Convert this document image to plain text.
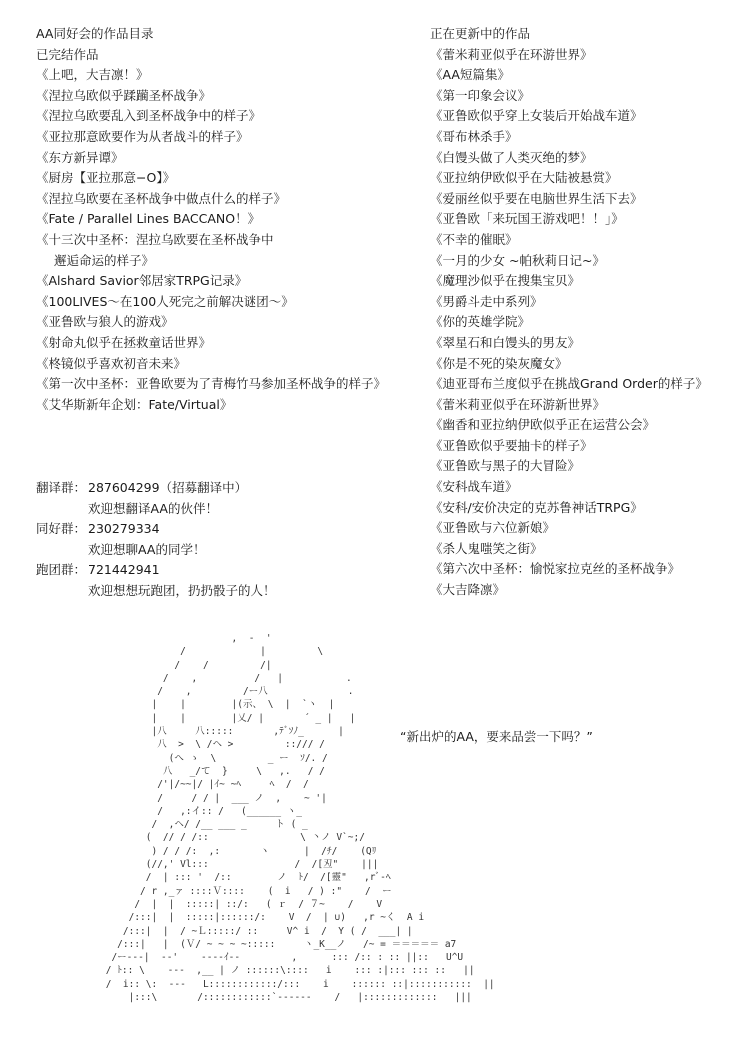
AA同好会的作品目录
已完结作品
《上吧，大吉凛！》
《涅拉乌欧似乎蹂躏圣杯战争》
《涅拉乌欧要乱入到圣杯战争中的样子》
《亚拉那意欧要作为从者战斗的样子》
《东方新异谭》
《厨房【亚拉那意−O】》
《涅拉乌欧要在圣杯战争中做点什么的样子》
《Fate / Parallel Lines BACCANO！》
《十三次中圣杯：涅拉乌欧要在圣杯战争中
邂逅命运的样子》
《Alshard Savior邻居家TRPG记录》
《100LIVES～在100人死完之前解决谜团～》
《亚鲁欧与狼人的游戏》
《射命丸似乎在拯救童话世界》
《柊镜似乎喜欢初音未来》
《第一次中圣杯：亚鲁欧要为了青梅竹马参加圣杯战争的样子》
《艾华斯新年企划：Fate/Virtual》
正在更新中的作品
《蕾米莉亚似乎在环游世界》
《AA短篇集》
《第一印象会议》
《亚鲁欧似乎穿上女装后开始战车道》
《哥布林杀手》
《白馒头做了人类灭绝的梦》
《亚拉纳伊欧似乎在大陆被悬赏》
《爱丽丝似乎要在电脑世界生活下去》
《亚鲁欧「来玩国王游戏吧！！」》
《不幸的催眠》
《一月的少女 ~帕秋莉日记~》
《魔理沙似乎在搜集宝贝》
《男爵斗走中系列》
《你的英雄学院》
《翠星石和白馒头的男友》
《你是不死的染灰魔女》
《迪亚哥布兰度似乎在挑战Grand Order的样子》
《蕾米莉亚似乎在环游新世界》
《幽香和亚拉纳伊欧似乎正在运营公会》
《亚鲁欧似乎要抽卡的样子》
《亚鲁欧与黑子的大冒险》
《安科战车道》
《安科/安价决定的克苏鲁神话TRPG》
《亚鲁欧与六位新娘》
《杀人鬼嗤笑之街》
《第六次中圣杯：愉悦家拉克丝的圣杯战争》
《大吉降凛》
翻译群： 287604299（招募翻译中）
欢迎想翻译AA的伙伴！
同好群： 230279334
欢迎想聊AA的同学！
跑团群： 721442941
欢迎想想玩跑团，扔扔骰子的人！
,  -  '
/             |         \
/    /         /|
/    ,          /   |           .
/    ,         /ー八              .
|    |        |(示、 \  |  `ヽ  |
|    |        |乂/ |       ´ _ |   |
|八     八:::::       ,ﾃﾞｿﾉ_      |
八  >  \ /ヘ >         ::/// /
(へ ゝ  \         _ ー  ｿ/. /
八   _/て  }     \   ,.   / /
/'|/~~|/ |ｲ~ ~ﾍ     ﾍ  /  /
/     / / |  ___ ノ  ,    ~ '|
/   ,:イ:: /   (______ ヽ_
/  ,ヘ/ /__ ___ _     ト ( _
(  // / /::                \ 丶ノ V`~;/
) / / /:  ,:       ヽ      |  /ﾁ/    (Qﾘ
(//,' Vl:::               /  /[丒"    |||
/  | ::: '  /::        ノ  ﾄ/  /[靈"   ,rﾞ-ﾍ
/ r ,_ァ ::::Ｖ::::    (  i   / ) :"    /  ー
/  |  |  :::::| ::/:   ( ｒ  / ７~    /    V
/:::|  |  :::::|::::::/:    V  /  | ∪)   ,r ~く  A i
/:::|  |  / ~Ｌ:::::/ ::     V^ i  /  Y ( /  ___| |
/:::|   |  (Ｖ/ ~ ~ ~ ~:::::     ヽ_K__ノ   /~ = ＝＝＝＝＝ a7
/ー---|  --'    ----ｲ--         ,      ::: /:: : :: ||::   U^U
/ ﾄ:: \    ---  ,__ | ノ ::::::\::::   i    ::: :|::: ::: ::   ||
/  i:: \:  ---   L::::::::::::/:::    i    :::::: ::|:::::::::::  ||
|:::\       /::::::::::::`------    /   |:::::::::::::   |||

“新出炉的AA，要来品尝一下吗？”
